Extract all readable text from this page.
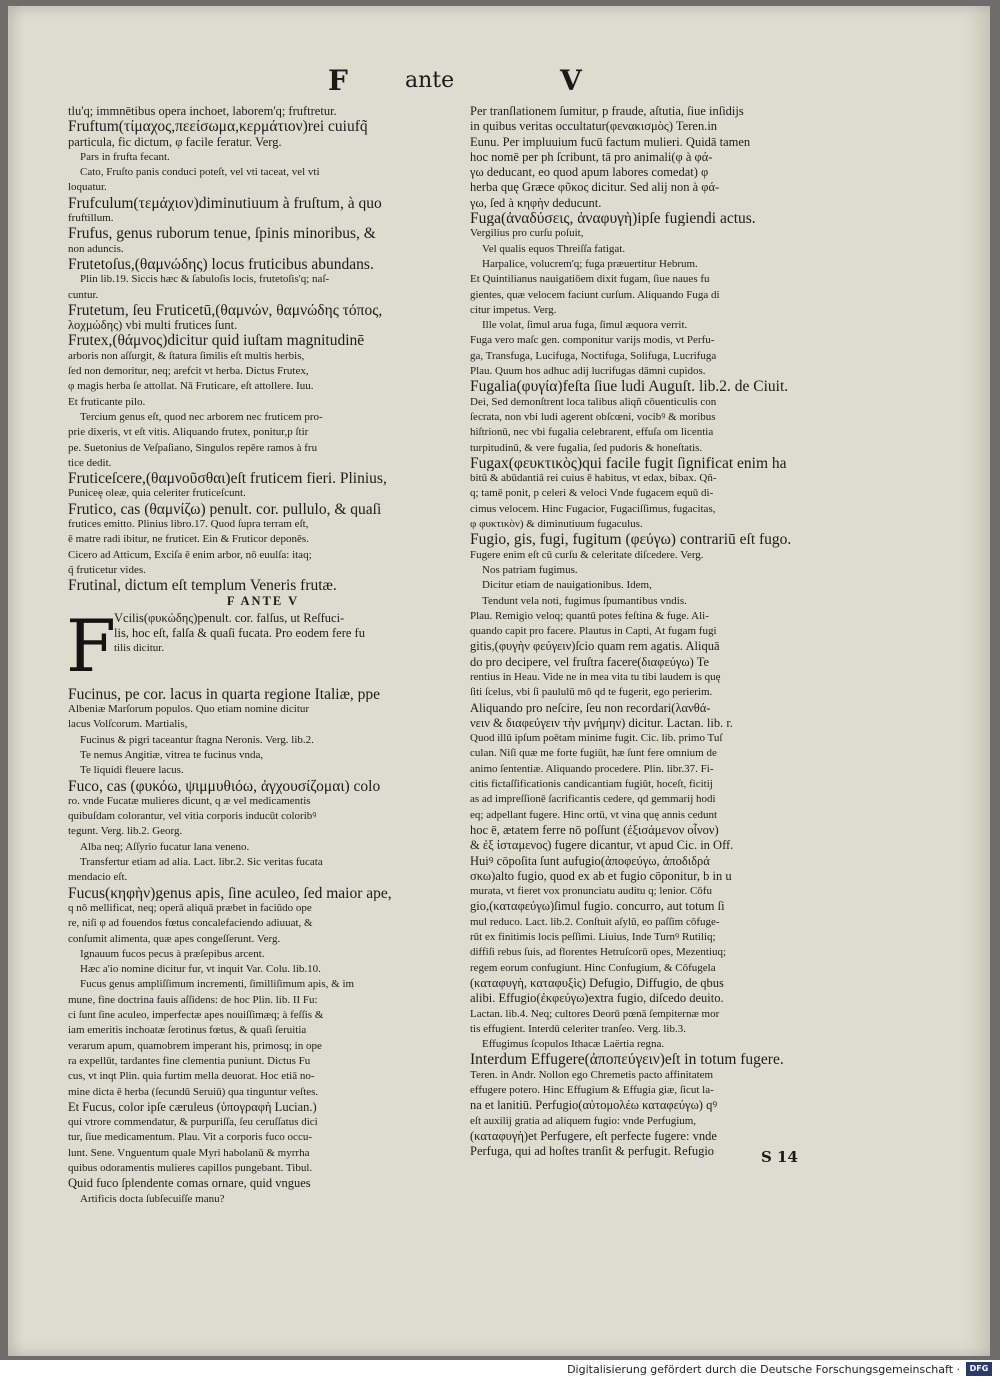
F	ante	V
tlu'q; immnētibus opera inchoet, laborem'q; fruftretur.
Fruftum(τίμαχ⁠ος,πεείσωμα,κερμάτιον)rei cuiufq̃
particula, fic dictum, φ facile feratur. Verg.
Pars in frufta fecant.
Cato, Fruſto panis conduci poteſt, vel vti taceat, vel vti
loquatur.
Frufculum(τεμάχιον)diminutiuum à fruſtum, à quo
fruftillum.
Frufus, genus ruborum tenue, ſpinis minoribus, &
non aduncis.
Frutetoſus,(θαμνώδης) locus fruticibus abundans.
Plin lib.19. Siccis hæc & ſabuloſis locis, frutetoſis'q; naſ-
cuntur.
Frutetum, ſeu Fruticetū,(θαμνών, θαμνώδης τόπος,
λοχμώδης) vbi multi frutices ſunt.
Frutex,(θάμνος)dicitur quid iuſtam magnitudinē
arboris non aſſurgit, & ſtatura ſimilis eſt multis herbis,
ſed non demoritur, neq; arefcit vt herba. Dictus Frutex,
φ magis herba ſe attollat. Nā Fruticare, eſt attollere. Iuu.
Et fruticante pilo.
Tercium genus eſt, quod nec arborem nec fruticem pro-
prie dixeris, vt eſt vitis. Aliquando frutex, ponitur,p ſtir
pe. Suetonius de Veſpaſiano, Singulos repēre ramos à fru
tice dedit.
Fruticeſcere,(θαμνοῦσθαι)eſt fruticem fieri. Plinius,
Puniceę oleæ, quia celeriter fruticeſcunt.
Frutico, cas (θαμνίζω) penult. cor. pullulo, & quaſi
frutices emitto. Plinius libro.17. Quod ſupra terram eſt,
ē matre radi ibitur, ne fruticet. Ein & Fruticor deponēs.
Cicero ad Atticum, Exciſa ē enim arbor, nō euulſa: itaq;
q̃ fruticetur vides.
Frutinal, dictum eſt templum Veneris frutæ.
F ANTE V
F
Vcilis(φυκώδης)penult. cor. falſus, ut Reſfuci-
lis, hoc eſt, falſa & quaſi fucata. Pro eodem fere fu
tilis dicitur.
Fucinus, pe cor. lacus in quarta regione Italiæ, ppe
Albeniæ Marſorum populos. Quo etiam nomine dicitur
lacus Volſcorum. Martialis,
Fucinus & pigri taceantur ſtagna Neronis. Verg. lib.2.
Te nemus Angitiæ, vitrea te fucinus vnda,
Te liquidi fleuere lacus.
Fuco, cas (φυκόω, ψιμμυθιόω, ἀγχουσίζομαι) colo
ro. vnde Fucatæ mulieres dicunt, q æ vel medicamentis
quibuſdam colorantur, vel vitia corporis inducūt coloribꝰ
tegunt. Verg. lib.2. Georg.
Alba neq; Aſſyrio fucatur lana veneno.
Transfertur etiam ad alia. Lact. libr.2. Sic veritas fucata
mendacio eſt.
Fucus(κηφὴν)genus apis, ſine aculeo, ſed maior ape,
q nō mellificat, neq; operā aliquā præbet in faciūdo ope
re, niſi φ ad fouendos fœtus concalefaciendo adiuuat, &
conſumit alimenta, quæ apes congeſſerunt. Verg.
Ignauum fucos pecus à præſepibus arcent.
Hæc a'io nomine dicitur fur, vt inquit Var. Colu. lib.10.
Fucus genus ampliſſimum incrementi, ſimilliſimum apis, & im
mune, fine doctrina fauis aſſidens: de hoc Plin. lib. II Fu:
ci ſunt ſine aculeo, imperfectæ apes nouiſſimæq; à feſſis &
iam emeritis inchoatæ ſerotinus fœtus, & quaſi ſeruitia
verarum apum, quamobrem imperant his, primosq; in ope
ra expellūt, tardantes fine clementia puniunt. Dictus Fu
cus, vt inqt Plin. quia furtim mella deuorat. Hoc etiā no-
mine dicta ē herba (ſecundū Seruiū) qua tinguntur veſtes.
Et Fucus, color ipſe cæruleus (ὑπογραφὴ Lucian.)
qui vtrore commendatur, & purpuriſſa, ſeu ceruſſatus dici
tur, ſiue medicamentum. Plau. Vit a corporis fuco occu-
lunt. Sene. Vnguentum quale Myri habolanū & myrrha
quibus odoramentis mulieres capillos pungebant. Tibul.
Quid fuco ſplendente comas ornare, quid vngues
Artificis docta ſubſecuiſſe manu?
Per tranſlationem ſumitur, p fraude, aſtutia, ſiue inſidijs
in quibus veritas occultatur(φενακισμὸς) Teren.in
Eunu. Per impluuium fucū factum mulieri. Quidā tamen
hoc nomē per ph ſcribunt, tā pro animali(φ à φά-
γω deducant, eo quod apum labores comedat) φ
herba quę Græce φῦκος dicitur. Sed alij non à φά-
γω, ſed à κηφὴν deducunt.
Fuga(ἀναδύσεις, ἀναφυγὴ)ipſe fugiendi actus.
Vergilius pro curſu poſuit,
Vel qualis equos Threiſſa fatigat.
Harpalice, volucrem'q; fuga præuertitur Hebrum.
Et Quintilianus nauigatiōem dixit fugam, ſiue naues fu
gientes, quæ velocem faciunt curſum. Aliquando Fuga di
citur impetus. Verg.
Ille volat, ſimul arua fuga, ſimul æquora verrit.
Fuga vero maſc gen. componitur varijs modis, vt Perfu-
ga, Transfuga, Lucifuga, Noctifuga, Solifuga, Lucrifuga
Plau. Quum hos adhuc adij lucrifugas dāmni cupidos.
Fugalia(φυγία)feſta ſiue ludi Auguſt. lib.2. de Ciuit.
Dei, Sed demonſtrent loca talibus aliqñ cōuenticulis con
ſecrata, non vbi ludi agerent obſcœni, vocibꝰ & moribus
hiſtrionū, nec vbi fugalia celebrarent, effuſa om licentia
turpitudinū, & vere fugalia, ſed pudoris & honeſtatis.
Fugax(φευκτικὸς)qui facile fugit ſignificat enim ha
bitū & abūdantiā rei cuius ē habitus, vt edax, bibax. Qñ-
q; tamē ponit, p celeri & veloci Vnde fugacem equū di-
cimus velocem. Hinc Fugacior, Fugaciſſimus, fugacitas,
φ φυκτικὸν) & diminutiuum fugaculus.
Fugio, gis, fugi, fugitum (φεύγω) contrariū eſt fugo.
Fugere enim eſt cū curſu & celeritate diſcedere. Verg.
Nos patriam fugimus.
Dicitur etiam de nauigationibus. Idem,
Tendunt vela noti, fugimus ſpumantibus vndis.
Plau. Remigio veloq; quantū potes feſtina & fuge. Ali-
quando capit pro facere. Plautus in Capti, At fugam fugi
gitis,(φυγὴν φεύγειν)ſcio quam rem agatis. Aliquā
do pro decipere, vel fruſtra facere(διαφεύγω) Te
rentius in Heau. Vide ne in mea vita tu tibi laudem is quę
ſiti ſcelus, vbi ſi paululū mō qd te fugerit, ego perierim.
Aliquando pro neſcire, ſeu non recordari(λανθά-
νειν & διαφεύγειν τὴν μνήμην) dicitur. Lactan. lib. r.
Quod illū ipſum poētam minime fugit. Cic. lib. primo Tuſ
culan. Niſi quæ me forte fugiūt, hæ ſunt fere omnium de
animo ſententiæ. Aliquando procedere. Plin. libr.37. Fi-
citis fictaſſificationis candicantiam fugiūt, hoceſt, ficitij
as ad impreſſionē ſacrificantis cedere, qd gemmarij hodi
eq; adpellant fugere. Hinc ortū, vt vina quę annis cedunt
hoc ē, ætatem ferre nō poſſunt (ἐξισάμενον οἶνον)
& ἐξ ἱσταμενος) fugere dicantur, vt apud Cic. in Off.
Huiꝰ cōpoſita ſunt aufugio(ἀποφεύγω, ἀποδιδρά
σκω)alto fugio, quod ex ab et fugio cōponitur, b in u
murata, vt fieret vox pronunciatu auditu q; lenior. Cōfu
gio,(καταφεύγω)ſimul fugio. concurro, aut totum ſi
mul reduco. Lact. lib.2. Conſtuit aſylū, eo paſſim cōfuge-
rūt ex finitimis locis peſſimi. Liuius, Inde Turnꝰ Rutiliq;
diffiſi rebus ſuis, ad florentes Hetruſcorū opes, Mezentiuq;
regem eorum confugiunt. Hinc Confugium, & Cōfugela
(καταφυγὴ, καταφυξὶς) Defugio, Diffugio, de qbus
alibi. Effugio(ἐκφεύγω)extra fugio, diſcedo deuito.
Lactan. lib.4. Neq; cultores Deorū pœnā ſempiternæ mor
tis effugient. Interdū celeriter tranſeo. Verg. lib.3.
Effugimus ſcopulos Ithacæ Laërtia regna.
Interdum Effugere(ἀποπεύγειν)eſt in totum fugere.
Teren. in Andr. Nollon ego Chremetis pacto affinitatem
effugere potero. Hinc Effugium & Effugia giæ, ſicut la-
na et lanitiū. Perfugio(αὐτομολέω καταφεύγω) qꝰ
eſt auxilij gratia ad aliquem fugio: vnde Perfugium,
(καταφυγὴ)et Perfugere, eſt perfecte fugere: vnde
Perfuga, qui ad hoſtes tranſit & perfugit. Refugio	S 14
Digitalisierung gefördert durch die Deutsche Forschungsgemeinschaft ·	DFG
